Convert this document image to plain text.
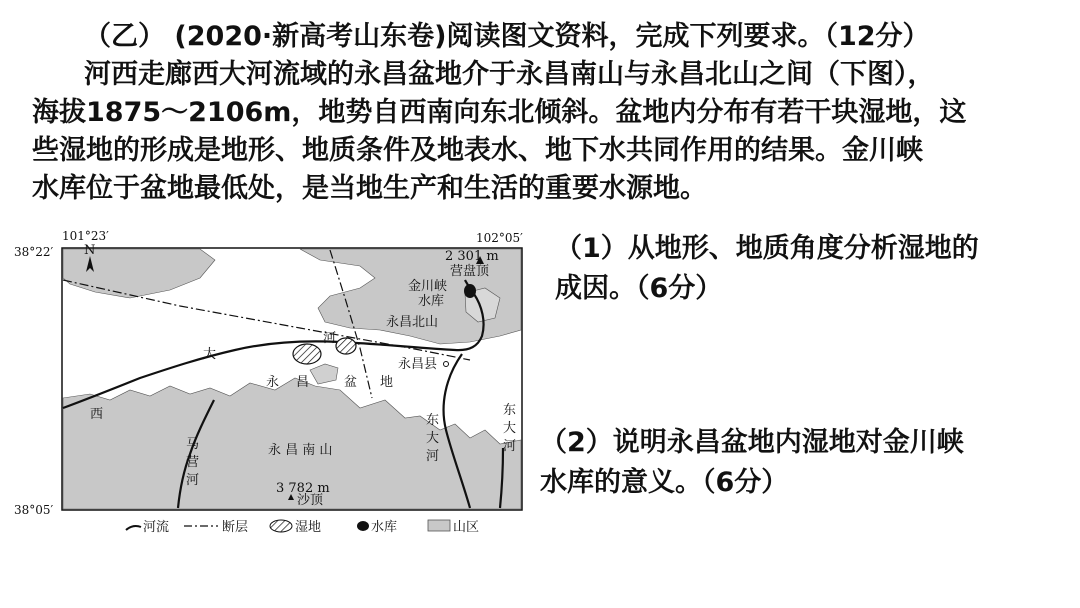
（乙） (2020·新高考山东卷)阅读图文资料，完成下列要求。（12分）
河西走廊西大河流域的永昌盆地介于永昌南山与永昌北山之间（下图），
海拔1875～2106m，地势自西南向东北倾斜。盆地内分布有若干块湿地，这
些湿地的形成是地形、地质条件及地表水、地下水共同作用的结果。金川峡
水库位于盆地最低处，是当地生产和生活的重要水源地。
N
101°23′	102°05′
38°22′
38°05′
2 301 m
营盘顶
金川峡
水库
永昌北山
河
大
西
永昌县
永 昌	盆 地
东
大
河
东
大
河
马
营
河
永 昌 南 山
3 782 m
沙顶
河流	断层	湿地	水库	山区
（1）从地形、地质角度分析湿地的
成因。（6分）
（2）说明永昌盆地内湿地对金川峡
水库的意义。（6分）
